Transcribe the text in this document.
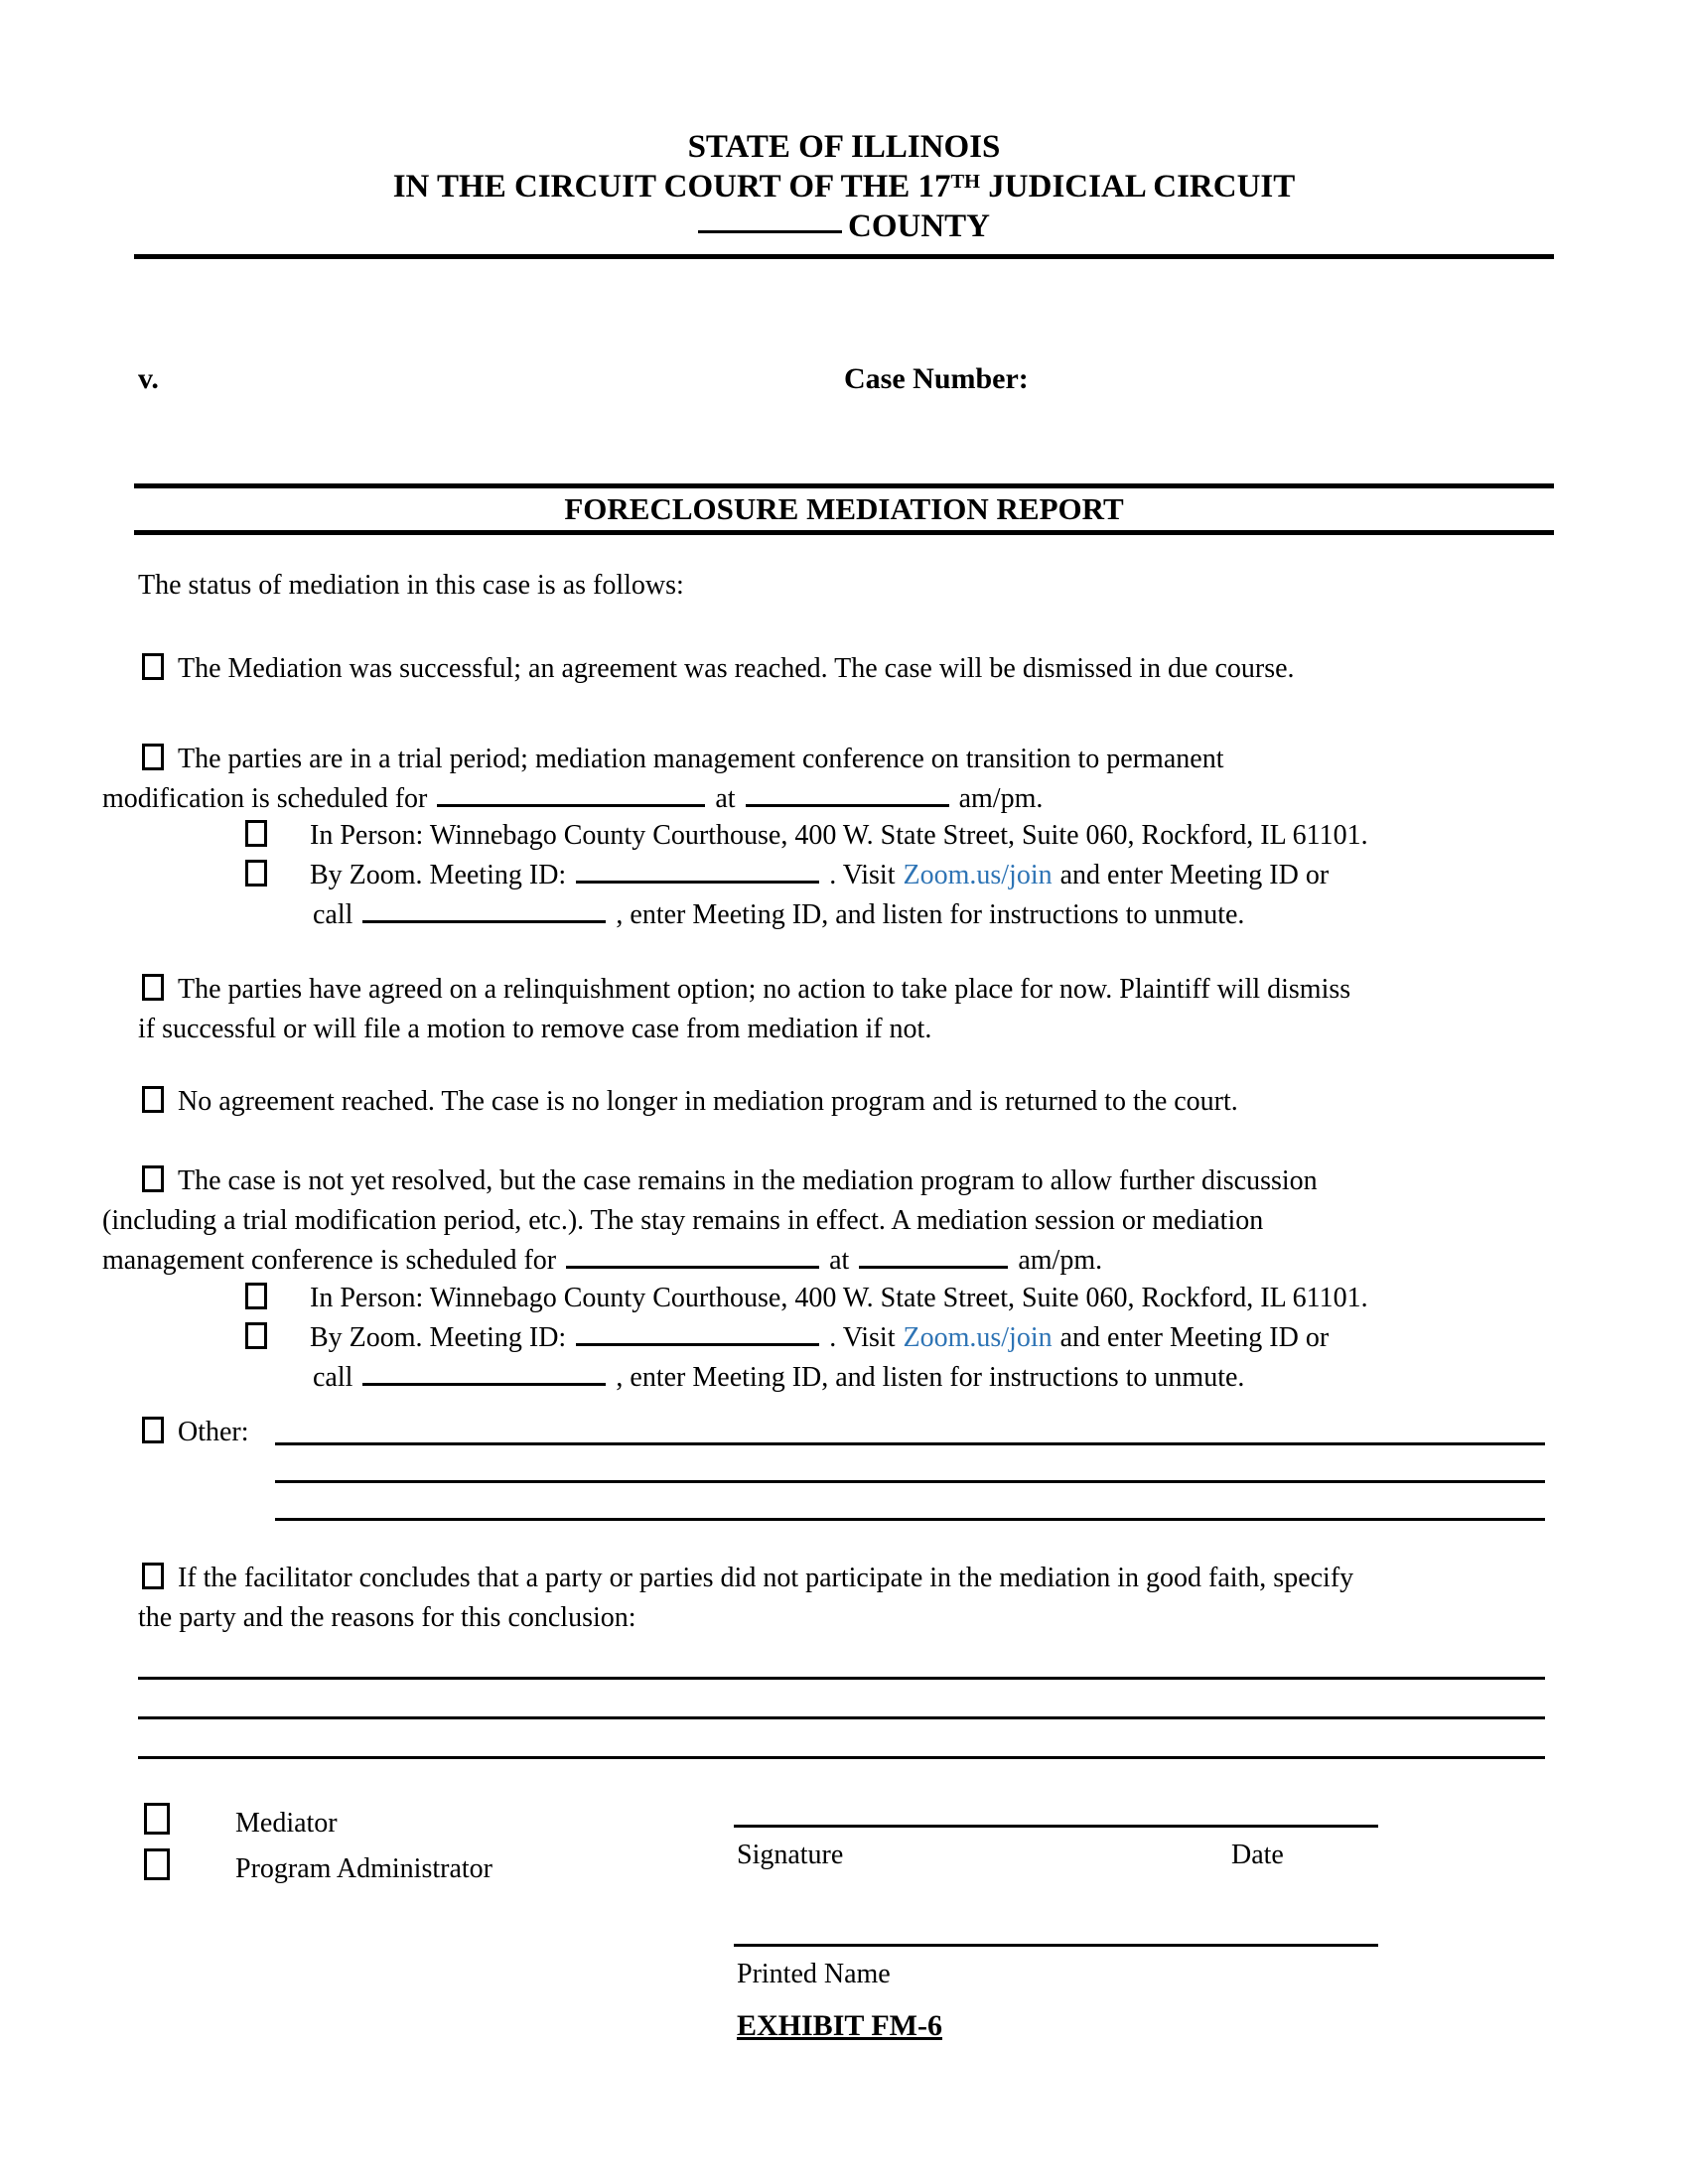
STATE OF ILLINOIS
IN THE CIRCUIT COURT OF THE 17TH JUDICIAL CIRCUIT
COUNTY
v.	Case Number:
FORECLOSURE MEDIATION REPORT
The status of mediation in this case is as follows:
The Mediation was successful; an agreement was reached. The case will be dismissed in due course.
The parties are in a trial period; mediation management conference on transition to permanent
modification is scheduled for	at	am/pm.
In Person: Winnebago County Courthouse, 400 W. State Street, Suite 060, Rockford, IL 61101.
By Zoom. Meeting ID:	. Visit Zoom.us/join and enter Meeting ID or
call	, enter Meeting ID, and listen for instructions to unmute.
The parties have agreed on a relinquishment option; no action to take place for now. Plaintiff will dismiss
if successful or will file a motion to remove case from mediation if not.
No agreement reached. The case is no longer in mediation program and is returned to the court.
The case is not yet resolved, but the case remains in the mediation program to allow further discussion
(including a trial modification period, etc.). The stay remains in effect. A mediation session or mediation
management conference is scheduled for	at	am/pm.
In Person: Winnebago County Courthouse, 400 W. State Street, Suite 060, Rockford, IL 61101.
By Zoom. Meeting ID:	. Visit Zoom.us/join and enter Meeting ID or
call	, enter Meeting ID, and listen for instructions to unmute.
Other:
If the facilitator concludes that a party or parties did not participate in the mediation in good faith, specify
the party and the reasons for this conclusion:
Mediator
Program Administrator	Signature	Date
Printed Name
EXHIBIT FM-6
